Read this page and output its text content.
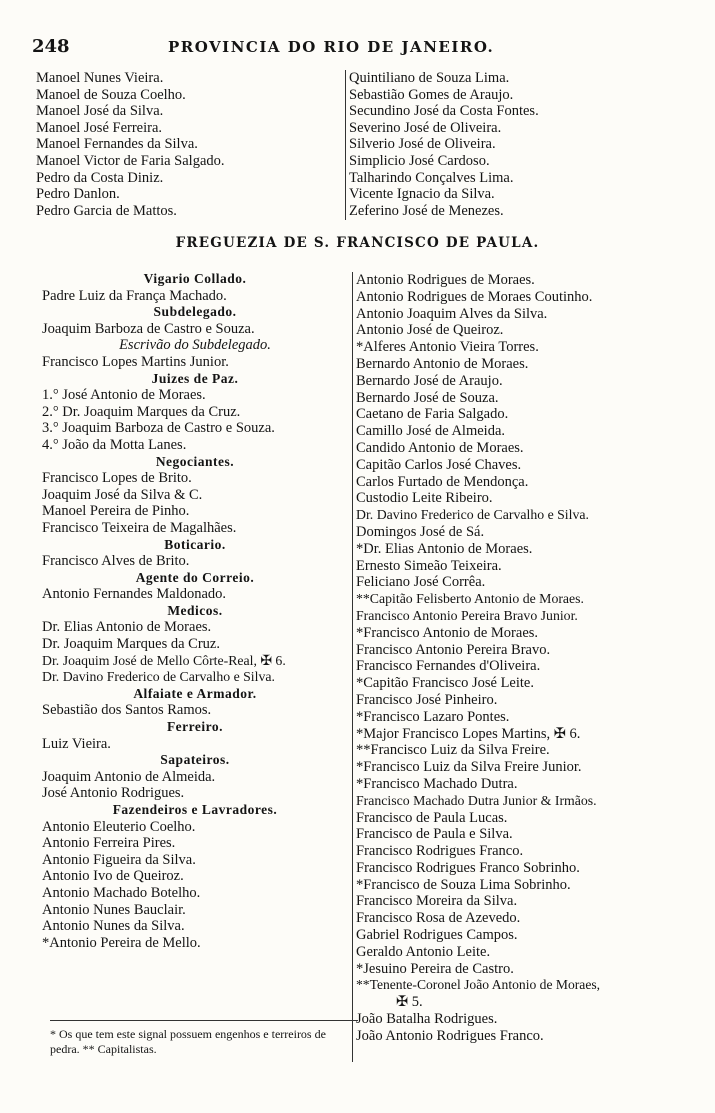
248	PROVINCIA DO RIO DE JANEIRO.
Manoel Nunes Vieira.
Manoel de Souza Coelho.
Manoel José da Silva.
Manoel José Ferreira.
Manoel Fernandes da Silva.
Manoel Victor de Faria Salgado.
Pedro da Costa Diniz.
Pedro Danlon.
Pedro Garcia de Mattos.
Quintiliano de Souza Lima.
Sebastião Gomes de Araujo.
Secundino José da Costa Fontes.
Severino José de Oliveira.
Silverio José de Oliveira.
Simplicio José Cardoso.
Talharindo Conçalves Lima.
Vicente Ignacio da Silva.
Zeferino José de Menezes.
FREGUEZIA DE S. FRANCISCO DE PAULA.
Vigario Collado.
Padre Luiz da França Machado.
Subdelegado.
Joaquim Barboza de Castro e Souza.
Escrivão do Subdelegado.
Francisco Lopes Martins Junior.
Juizes de Paz.
1.° José Antonio de Moraes.
2.° Dr. Joaquim Marques da Cruz.
3.° Joaquim Barboza de Castro e Souza.
4.° João da Motta Lanes.
Negociantes.
Francisco Lopes de Brito.
Joaquim José da Silva & C.
Manoel Pereira de Pinho.
Francisco Teixeira de Magalhães.
Boticario.
Francisco Alves de Brito.
Agente do Correio.
Antonio Fernandes Maldonado.
Medicos.
Dr. Elias Antonio de Moraes.
Dr. Joaquim Marques da Cruz.
Dr. Joaquim José de Mello Côrte-Real, ✠ 6.
Dr. Davino Frederico de Carvalho e Silva.
Alfaiate e Armador.
Sebastião dos Santos Ramos.
Ferreiro.
Luiz Vieira.
Sapateiros.
Joaquim Antonio de Almeida.
José Antonio Rodrigues.
Fazendeiros e Lavradores.
Antonio Eleuterio Coelho.
Antonio Ferreira Pires.
Antonio Figueira da Silva.
Antonio Ivo de Queiroz.
Antonio Machado Botelho.
Antonio Nunes Bauclair.
Antonio Nunes da Silva.
*Antonio Pereira de Mello.
* Os que tem este signal possuem engenhos e terreiros de pedra. ** Capitalistas.
Antonio Rodrigues de Moraes.
Antonio Rodrigues de Moraes Coutinho.
Antonio Joaquim Alves da Silva.
Antonio José de Queiroz.
*Alferes Antonio Vieira Torres.
Bernardo Antonio de Moraes.
Bernardo José de Araujo.
Bernardo José de Souza.
Caetano de Faria Salgado.
Camillo José de Almeida.
Candido Antonio de Moraes.
Capitão Carlos José Chaves.
Carlos Furtado de Mendonça.
Custodio Leite Ribeiro.
Dr. Davino Frederico de Carvalho e Silva.
Domingos José de Sá.
*Dr. Elias Antonio de Moraes.
Ernesto Simeão Teixeira.
Feliciano José Corrêa.
**Capitão Felisberto Antonio de Moraes.
Francisco Antonio Pereira Bravo Junior.
*Francisco Antonio de Moraes.
Francisco Antonio Pereira Bravo.
Francisco Fernandes d'Oliveira.
*Capitão Francisco José Leite.
Francisco José Pinheiro.
*Francisco Lazaro Pontes.
*Major Francisco Lopes Martins, ✠ 6.
**Francisco Luiz da Silva Freire.
*Francisco Luiz da Silva Freire Junior.
*Francisco Machado Dutra.
Francisco Machado Dutra Junior & Irmãos.
Francisco de Paula Lucas.
Francisco de Paula e Silva.
Francisco Rodrigues Franco.
Francisco Rodrigues Franco Sobrinho.
*Francisco de Souza Lima Sobrinho.
Francisco Moreira da Silva.
Francisco Rosa de Azevedo.
Gabriel Rodrigues Campos.
Geraldo Antonio Leite.
*Jesuino Pereira de Castro.
**Tenente-Coronel João Antonio de Moraes,
✠ 5.
João Batalha Rodrigues.
João Antonio Rodrigues Franco.
